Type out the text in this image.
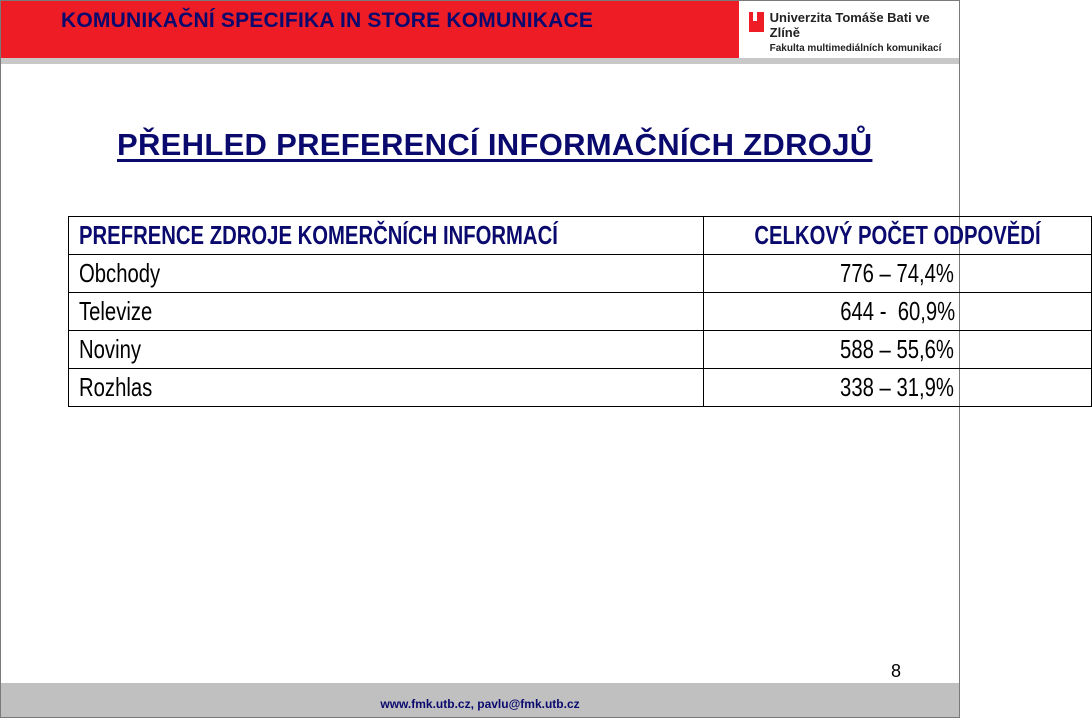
KOMUNIKAČNÍ SPECIFIKA IN STORE KOMUNIKACE	Univerzita Tomáše Bati ve Zlíně
Fakulta multimediálních komunikací
PŘEHLED PREFERENCÍ INFORMAČNÍCH ZDROJŮ
PREFRENCE ZDROJE KOMERČNÍCH INFORMACÍ	CELKOVÝ POČET ODPOVĚDÍ
Obchody	776 – 74,4%
Televize	644 -  60,9%
Noviny	588 – 55,6%
Rozhlas	338 – 31,9%
8
www.fmk.utb.cz, pavlu@fmk.utb.cz
